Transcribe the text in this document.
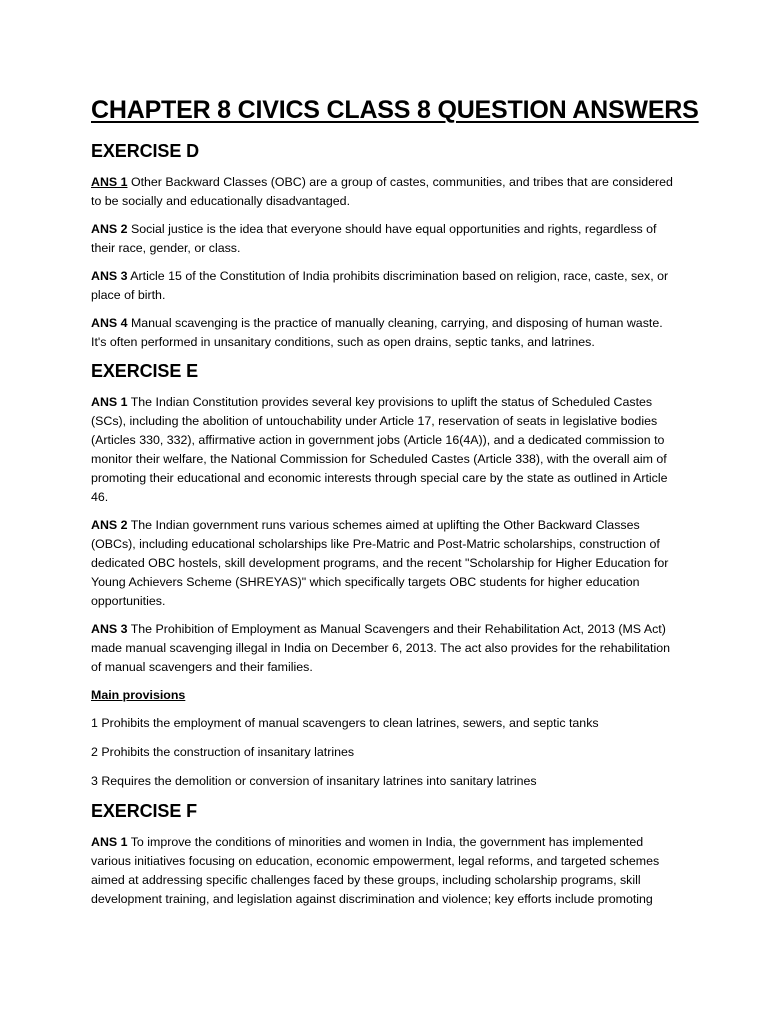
CHAPTER 8 CIVICS CLASS 8 QUESTION ANSWERS
EXERCISE D

ANS 1 Other Backward Classes (OBC) are a group of castes, communities, and tribes that are considered to be socially and educationally disadvantaged.

ANS 2 Social justice is the idea that everyone should have equal opportunities and rights, regardless of their race, gender, or class.

ANS 3 Article 15 of the Constitution of India prohibits discrimination based on religion, race, caste, sex, or place of birth.

ANS 4 Manual scavenging is the practice of manually cleaning, carrying, and disposing of human waste. It's often performed in unsanitary conditions, such as open drains, septic tanks, and latrines.

EXERCISE E

ANS 1 The Indian Constitution provides several key provisions to uplift the status of Scheduled Castes (SCs), including the abolition of untouchability under Article 17, reservation of seats in legislative bodies (Articles 330, 332), affirmative action in government jobs (Article 16(4A)), and a dedicated commission to monitor their welfare, the National Commission for Scheduled Castes (Article 338), with the overall aim of promoting their educational and economic interests through special care by the state as outlined in Article 46.

ANS 2 The Indian government runs various schemes aimed at uplifting the Other Backward Classes (OBCs), including educational scholarships like Pre-Matric and Post-Matric scholarships, construction of dedicated OBC hostels, skill development programs, and the recent "Scholarship for Higher Education for Young Achievers Scheme (SHREYAS)" which specifically targets OBC students for higher education opportunities.

ANS 3 The Prohibition of Employment as Manual Scavengers and their Rehabilitation Act, 2013 (MS Act) made manual scavenging illegal in India on December 6, 2013. The act also provides for the rehabilitation of manual scavengers and their families.

Main provisions

1 Prohibits the employment of manual scavengers to clean latrines, sewers, and septic tanks

2 Prohibits the construction of insanitary latrines

3 Requires the demolition or conversion of insanitary latrines into sanitary latrines

EXERCISE F

ANS 1 To improve the conditions of minorities and women in India, the government has implemented various initiatives focusing on education, economic empowerment, legal reforms, and targeted schemes aimed at addressing specific challenges faced by these groups, including scholarship programs, skill development training, and legislation against discrimination and violence; key efforts include promoting
